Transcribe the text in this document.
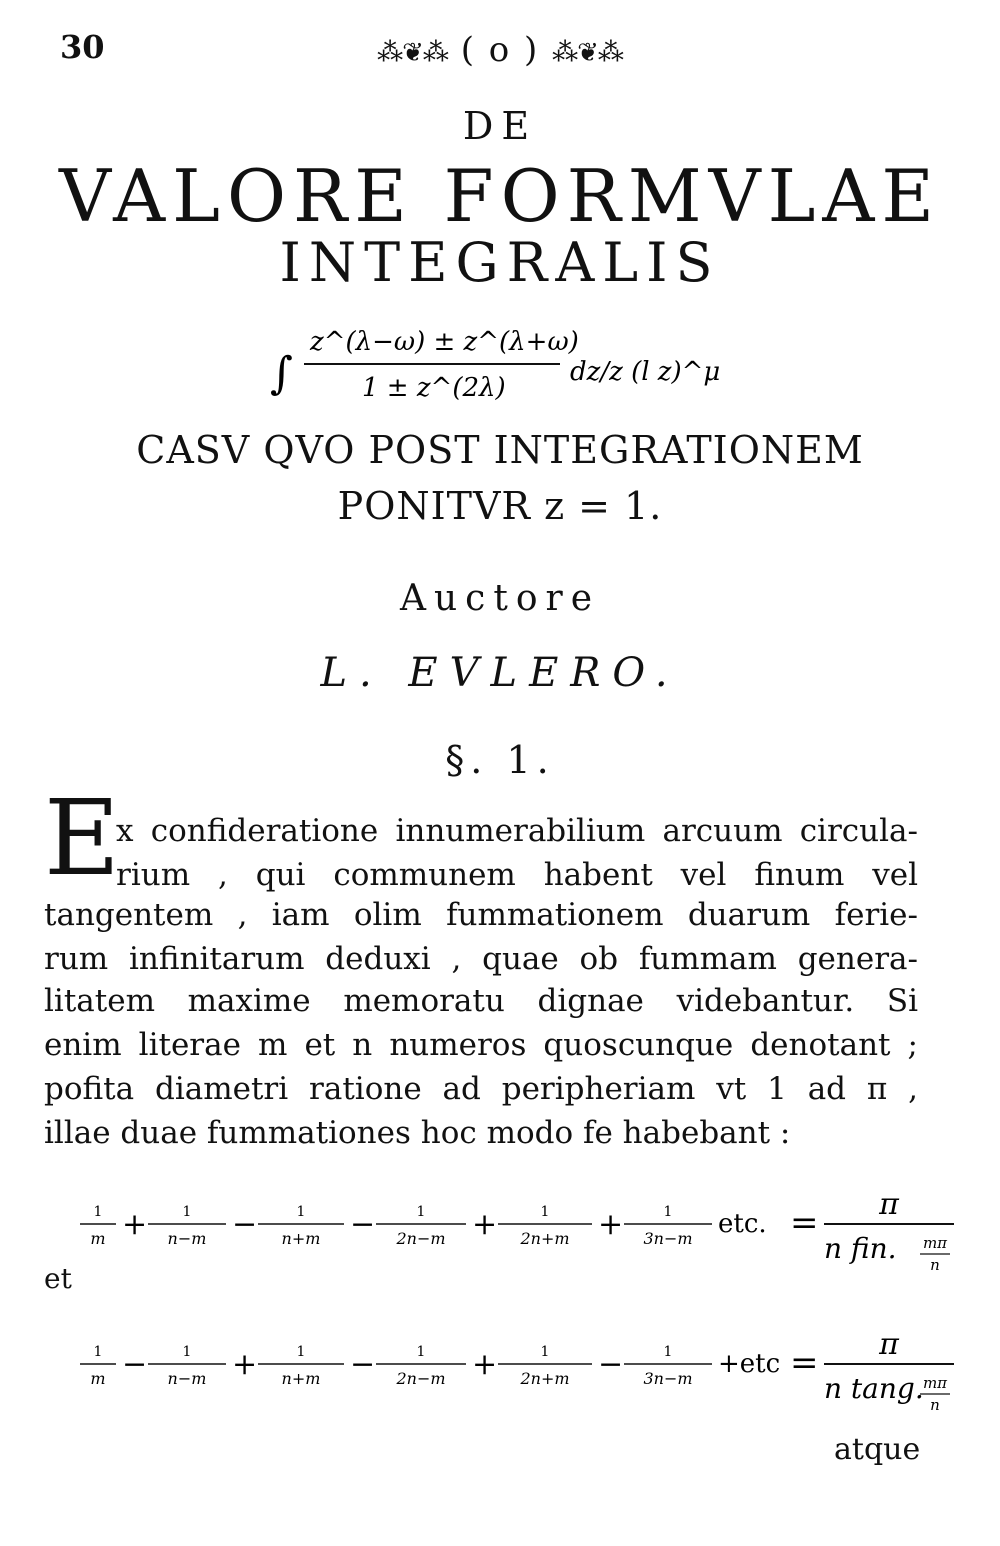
30	⁂❦⁂ ( o ) ⁂❦⁂
DE
VALORE FORMVLAE
INTEGRALIS
∫
z^(λ−ω) ± z^(λ+ω)
1 ± z^(2λ)
dz/z (l z)^μ
CASV QVO POST INTEGRATIONEM
PONITVR z = 1.
Auctore
L. EVLERO.
§. 1.
E
x confideratione innumerabilium arcuum circula-
rium , qui communem habent vel finum vel
tangentem , iam olim fummationem duarum ferie-
rum infinitarum deduxi , quae ob fummam genera-
litatem maxime memoratu dignae videbantur. Si
enim literae m et n numeros quoscunque denotant ;
pofita diametri ratione ad peripheriam vt 1 ad π ,
illae duae fummationes hoc modo fe habebant :
1
m +	1
n−m −	1
n+m −	1
2n−m +	1
2n+m +	1
3n−m etc. = π
n fin. mπ
n
et
1
m −	1
n−m +	1
n+m −	1
2n−m +	1
2n+m −	1
3n−m +etc = π
n tang. mπ
n
atque
